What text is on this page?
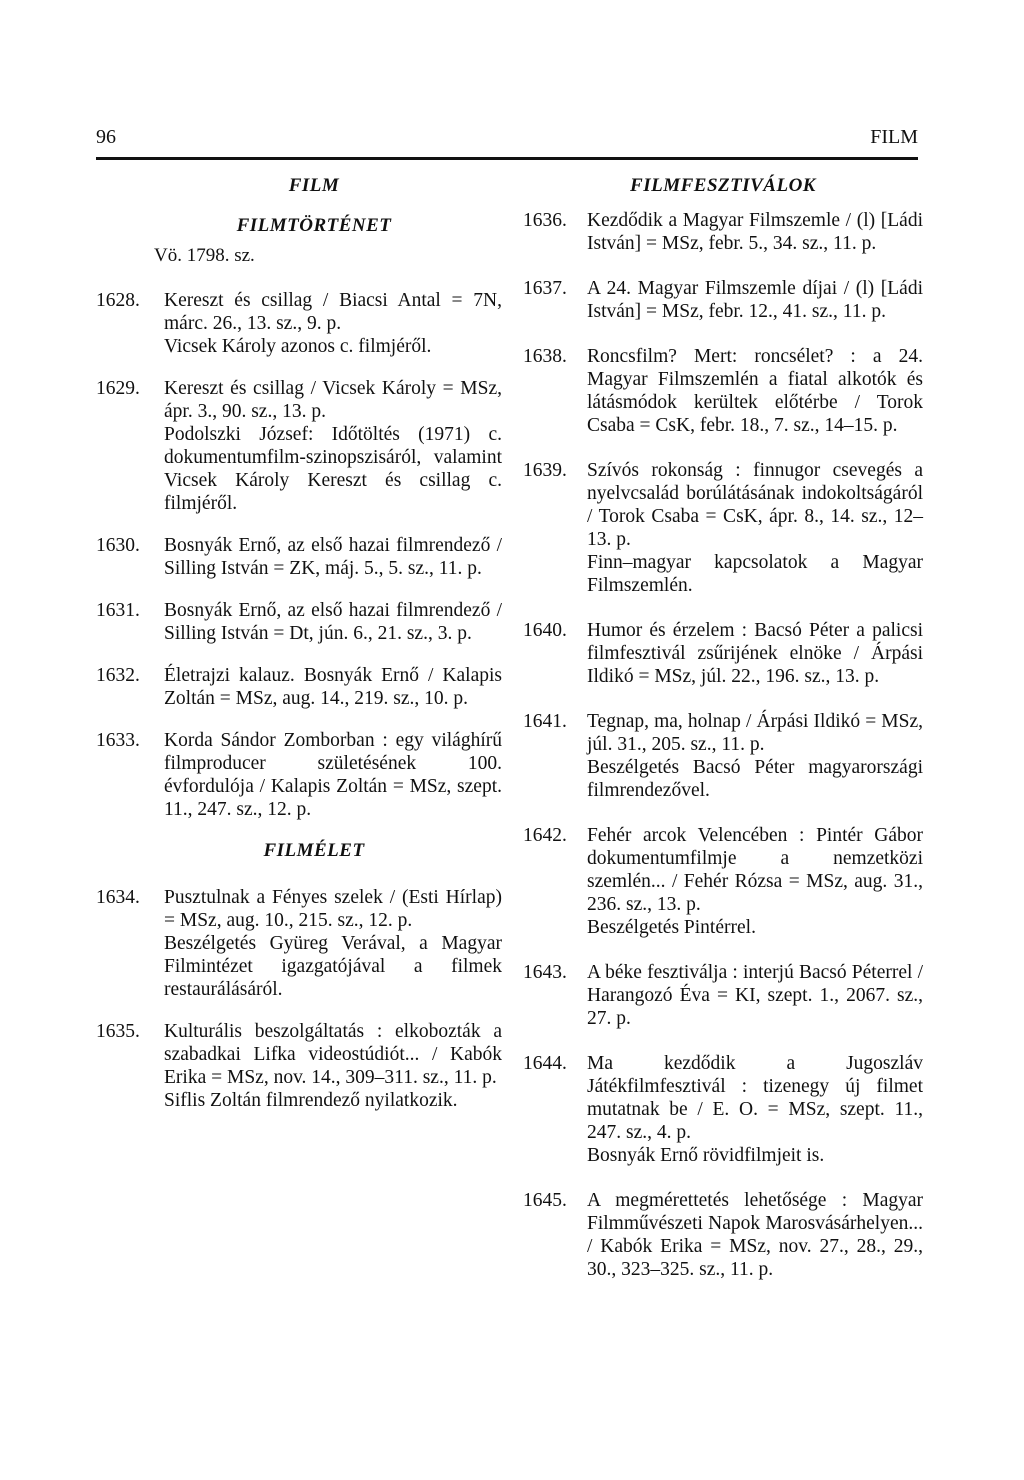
96	FILM
FILM
FILMTÖRTÉNET
Vö. 1798. sz.
1628.	Kereszt és csillag / Biacsi Antal = 7N, márc. 26., 13. sz., 9. p.

Vicsek Károly azonos c. filmjéről.

1629.	Kereszt és csillag / Vicsek Károly = MSz, ápr. 3., 90. sz., 13. p.

Podolszki József: Időtöltés (1971) c. dokumentumfilm-szinopszisáról, valamint Vicsek Károly Kereszt és csillag c. filmjéről.

1630.	Bosnyák Ernő, az első hazai filmrendező / Silling István = ZK, máj. 5., 5. sz., 11. p.

1631.	Bosnyák Ernő, az első hazai filmrendező / Silling István = Dt, jún. 6., 21. sz., 3. p.

1632.	Életrajzi kalauz. Bosnyák Ernő / Kalapis Zoltán = MSz, aug. 14., 219. sz., 10. p.

1633.	Korda Sándor Zomborban : egy világhírű filmproducer születésének 100. évfordulója / Kalapis Zoltán = MSz, szept. 11., 247. sz., 12. p.

FILMÉLET
1634.	Pusztulnak a Fényes szelek / (Esti Hírlap) = MSz, aug. 10., 215. sz., 12. p.

Beszélgetés Gyüreg Verával, a Magyar Filmintézet igazgatójával a filmek restaurálásáról.

1635.	Kulturális beszolgáltatás : elkobozták a szabadkai Lifka videostúdiót... / Kabók Erika = MSz, nov. 14., 309–311. sz., 11. p.

Siflis Zoltán filmrendező nyilatkozik.

FILMFESZTIVÁLOK
1636.	Kezdődik a Magyar Filmszemle / (l) [Ládi István] = MSz, febr. 5., 34. sz., 11. p.

1637.	A 24. Magyar Filmszemle díjai / (l) [Ládi István] = MSz, febr. 12., 41. sz., 11. p.

1638.	Roncsfilm? Mert: roncsélet? : a 24. Magyar Filmszemlén a fiatal alkotók és látásmódok kerültek előtérbe / Torok Csaba = CsK, febr. 18., 7. sz., 14–15. p.

1639.	Szívós rokonság : finnugor csevegés a nyelvcsalád borúlátásának indokoltságáról / Torok Csaba = CsK, ápr. 8., 14. sz., 12–13. p.

Finn–magyar kapcsolatok a Magyar Filmszemlén.

1640.	Humor és érzelem : Bacsó Péter a palicsi filmfesztivál zsűrijének elnöke / Árpási Ildikó = MSz, júl. 22., 196. sz., 13. p.

1641.	Tegnap, ma, holnap / Árpási Ildikó = MSz, júl. 31., 205. sz., 11. p.

Beszélgetés Bacsó Péter magyarországi filmrendezővel.

1642.	Fehér arcok Velencében : Pintér Gábor dokumentumfilmje a nemzetközi szemlén... / Fehér Rózsa = MSz, aug. 31., 236. sz., 13. p.

Beszélgetés Pintérrel.

1643.	A béke fesztiválja : interjú Bacsó Péterrel / Harangozó Éva = KI, szept. 1., 2067. sz., 27. p.

1644.	Ma kezdődik a Jugoszláv Játékfilmfesztivál : tizenegy új filmet mutatnak be / E. O. = MSz, szept. 11., 247. sz., 4. p.

Bosnyák Ernő rövidfilmjeit is.

1645.	A megmérettetés lehetősége : Magyar Filmművészeti Napok Marosvásárhelyen... / Kabók Erika = MSz, nov. 27., 28., 29., 30., 323–325. sz., 11. p.
